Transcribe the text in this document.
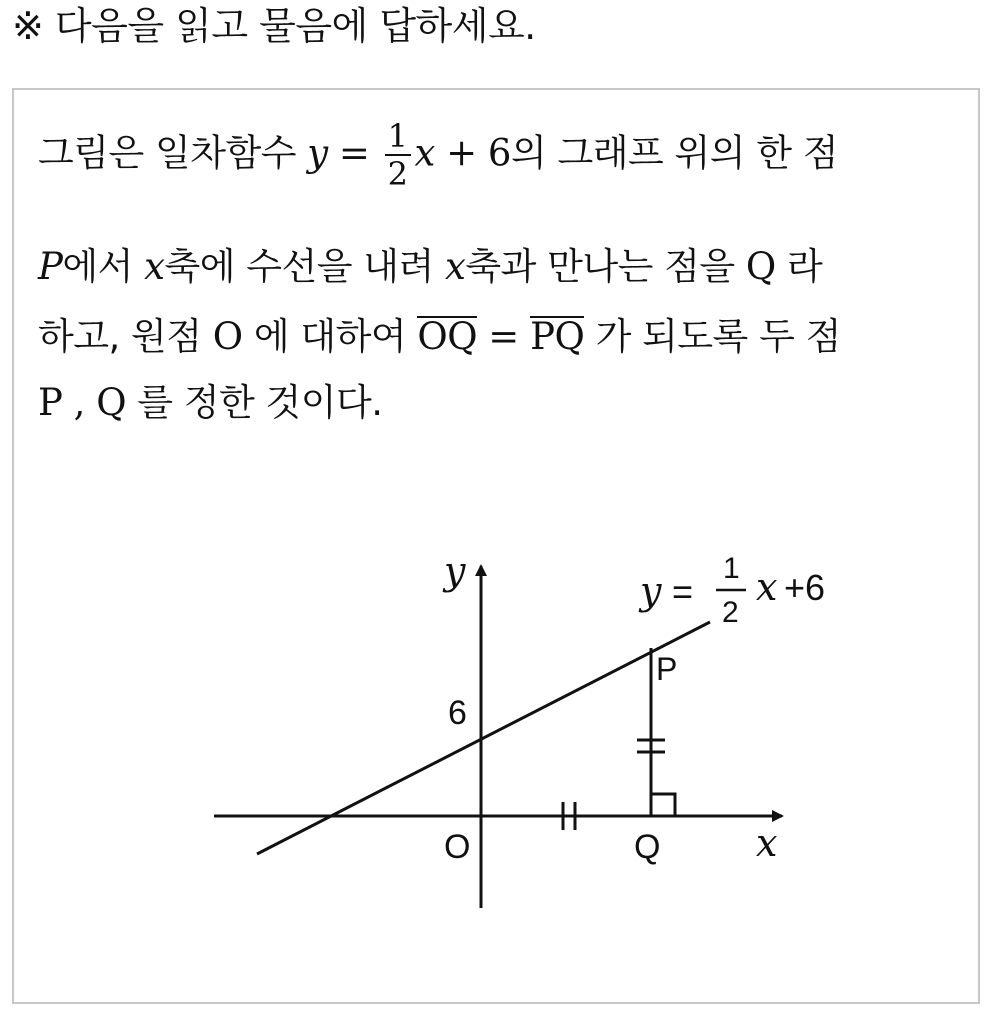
※ 다음을 읽고 물음에 답하세요.
그림은 일차함수 $y = \frac{1}{2}$ x + 6의 그래프 위의 한 점
P에서 x축에 수선을 내려 x축과 만나는 점을 Q 라
하고, 원점 O 에 대하여 OQ = PQ 가 되도록 두 점
P , Q 를 정한 것이다.
y
x
O
6
P
Q
y =
1
2
x +6
